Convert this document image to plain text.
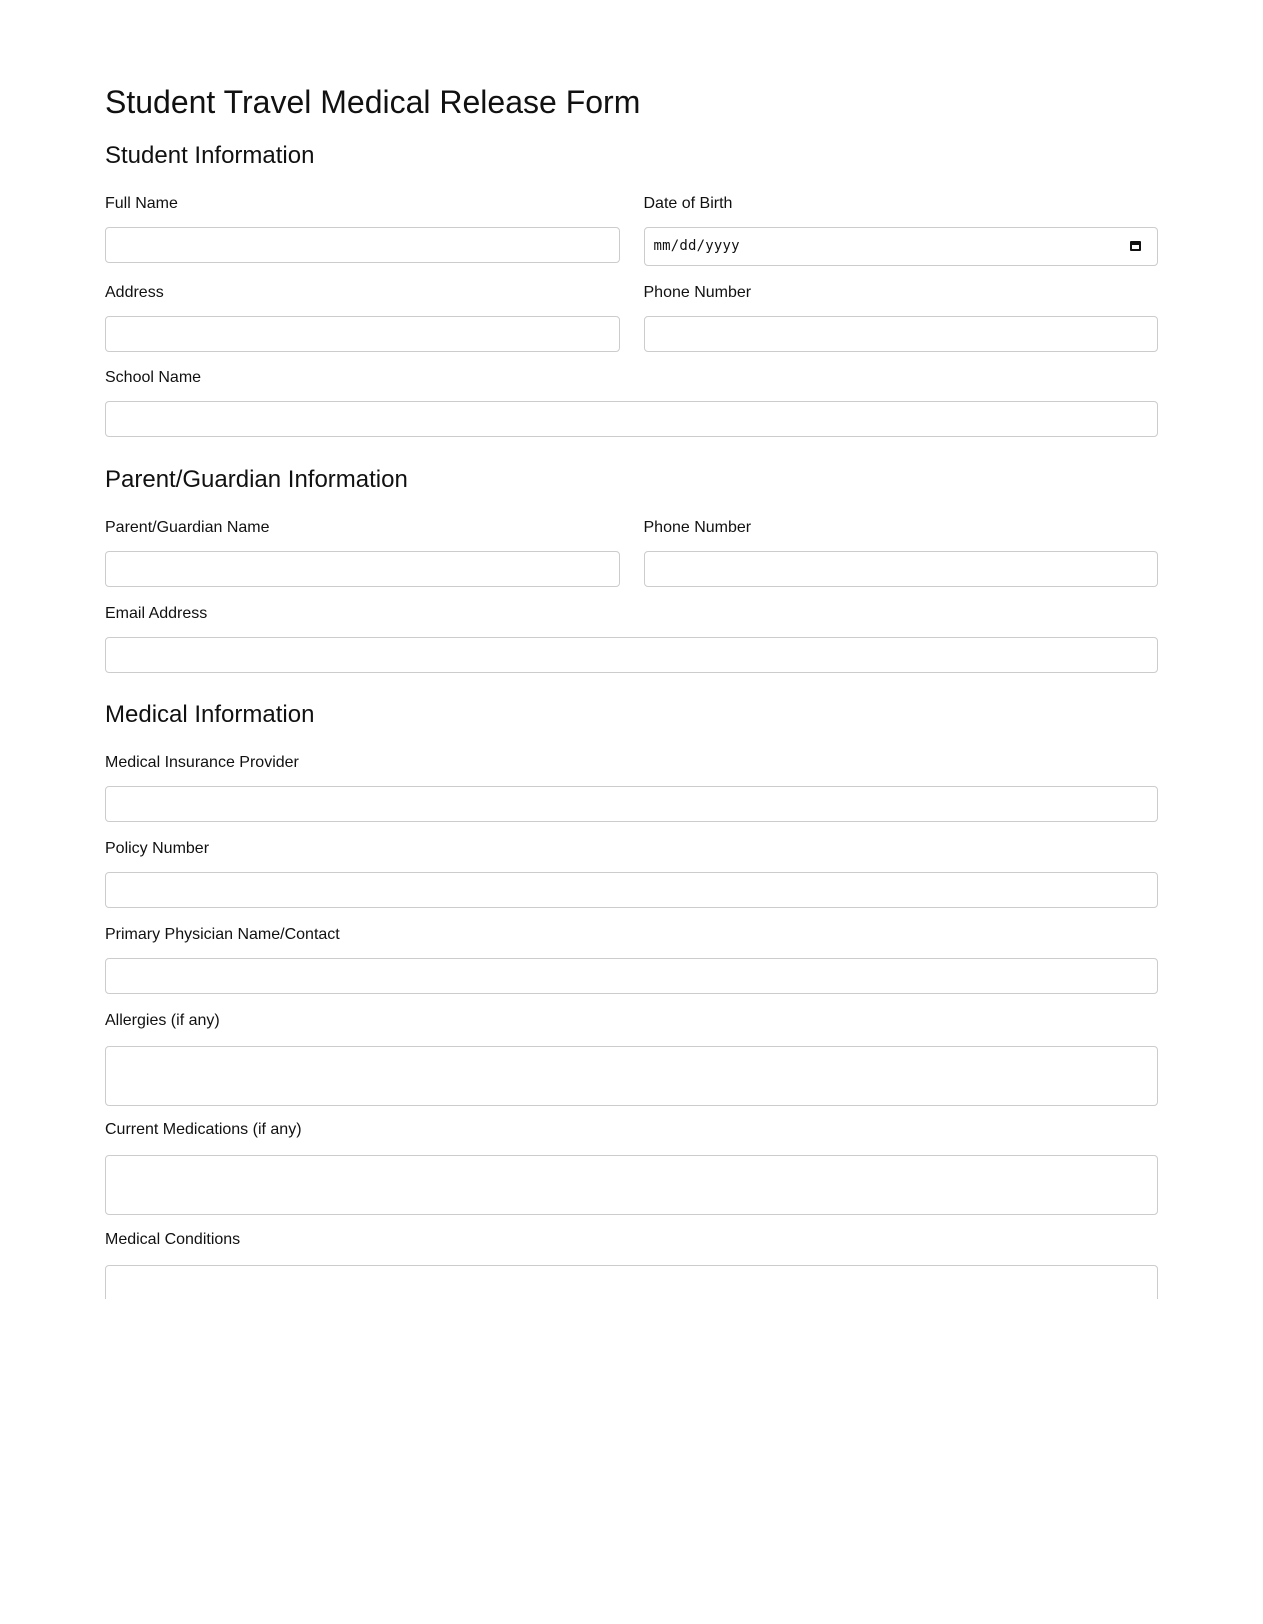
Student Travel Medical Release Form
Student Information
Full Name	Date of Birth
mm/dd/yyyy
Address	Phone Number
School Name
Parent/Guardian Information
Parent/Guardian Name	Phone Number
Email Address
Medical Information
Medical Insurance Provider
Policy Number
Primary Physician Name/Contact
Allergies (if any)
Current Medications (if any)
Medical Conditions
